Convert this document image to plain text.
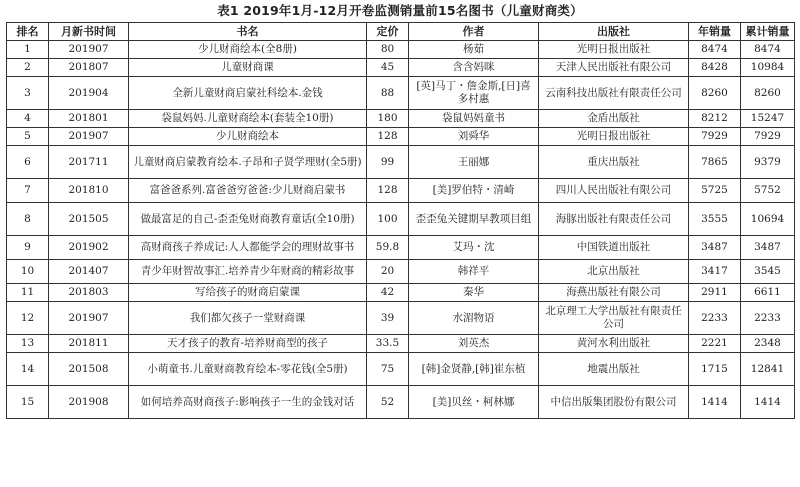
表1 2019年1月-12月开卷监测销量前15名图书（儿童财商类）
排名	月新书时间	书名	定价	作者	出版社	年销量	累计销量
1	201907	少儿财商绘本(全8册)	80	杨茹	光明日报出版社	8474	8474
2	201807	儿童财商课	45	含含妈咪	天津人民出版社有限公司	8428	10984
3	201904	全新儿童财商启蒙社科绘本.金钱	88	[英]马丁・詹金斯,[日]喜多村惠	云南科技出版社有限责任公司	8260	8260
4	201801	袋鼠妈妈.儿童财商绘本(套装全10册)	180	袋鼠妈妈童书	金盾出版社	8212	15247
5	201907	少儿财商绘本	128	刘舜华	光明日报出版社	7929	7929
6	201711	儿童财商启蒙教育绘本.子昂和子贤学理财(全5册)	99	王丽娜	重庆出版社	7865	9379
7	201810	富爸爸系列.富爸爸穷爸爸:少儿财商启蒙书	128	[美]罗伯特・清崎	四川人民出版社有限公司	5725	5752
8	201505	做最富足的自己-歪歪兔财商教育童话(全10册)	100	歪歪兔关键期早教项目组	海豚出版社有限责任公司	3555	10694
9	201902	高财商孩子养成记:人人都能学会的理财故事书	59.8	艾玛・沈	中国铁道出版社	3487	3487
10	201407	青少年财智故事汇.培养青少年财商的精彩故事	20	韩祥平	北京出版社	3417	3545
11	201803	写给孩子的财商启蒙课	42	秦华	海燕出版社有限公司	2911	6611
12	201907	我们都欠孩子一堂财商课	39	水湄物语	北京理工大学出版社有限责任公司	2233	2233
13	201811	天才孩子的教育-培养财商型的孩子	33.5	刘英杰	黄河水利出版社	2221	2348
14	201508	小萌童书.儿童财商教育绘本-零花钱(全5册)	75	[韩]金贤静,[韩]崔东植	地震出版社	1715	12841
15	201908	如何培养高财商孩子:影响孩子一生的金钱对话	52	[美]贝丝・柯林娜	中信出版集团股份有限公司	1414	1414
